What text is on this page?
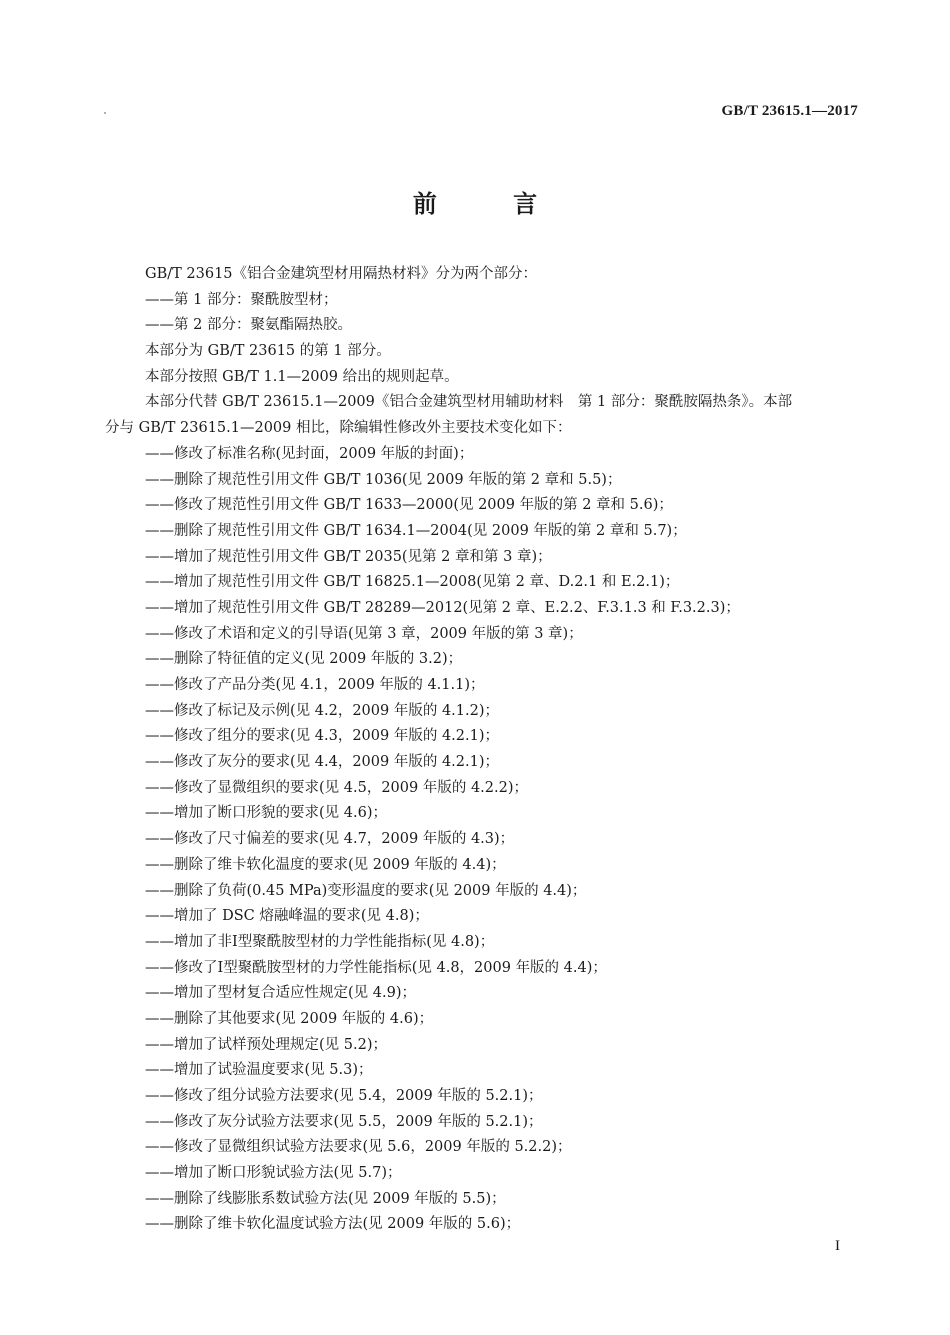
GB/T 23615.1—2017
前 言
GB/T 23615《铝合金建筑型材用隔热材料》分为两个部分：
——第 1 部分：聚酰胺型材；
——第 2 部分：聚氨酯隔热胶。
本部分为 GB/T 23615 的第 1 部分。
本部分按照 GB/T 1.1—2009 给出的规则起草。
本部分代替 GB/T 23615.1—2009《铝合金建筑型材用辅助材料　第 1 部分：聚酰胺隔热条》。本部
分与 GB/T 23615.1—2009 相比，除编辑性修改外主要技术变化如下：
——修改了标准名称(见封面，2009 年版的封面)；
——删除了规范性引用文件 GB/T 1036(见 2009 年版的第 2 章和 5.5)；
——修改了规范性引用文件 GB/T 1633—2000(见 2009 年版的第 2 章和 5.6)；
——删除了规范性引用文件 GB/T 1634.1—2004(见 2009 年版的第 2 章和 5.7)；
——增加了规范性引用文件 GB/T 2035(见第 2 章和第 3 章)；
——增加了规范性引用文件 GB/T 16825.1—2008(见第 2 章、D.2.1 和 E.2.1)；
——增加了规范性引用文件 GB/T 28289—2012(见第 2 章、E.2.2、F.3.1.3 和 F.3.2.3)；
——修改了术语和定义的引导语(见第 3 章，2009 年版的第 3 章)；
——删除了特征值的定义(见 2009 年版的 3.2)；
——修改了产品分类(见 4.1，2009 年版的 4.1.1)；
——修改了标记及示例(见 4.2，2009 年版的 4.1.2)；
——修改了组分的要求(见 4.3，2009 年版的 4.2.1)；
——修改了灰分的要求(见 4.4，2009 年版的 4.2.1)；
——修改了显微组织的要求(见 4.5，2009 年版的 4.2.2)；
——增加了断口形貌的要求(见 4.6)；
——修改了尺寸偏差的要求(见 4.7，2009 年版的 4.3)；
——删除了维卡软化温度的要求(见 2009 年版的 4.4)；
——删除了负荷(0.45 MPa)变形温度的要求(见 2009 年版的 4.4)；
——增加了 DSC 熔融峰温的要求(见 4.8)；
——增加了非Ⅰ型聚酰胺型材的力学性能指标(见 4.8)；
——修改了Ⅰ型聚酰胺型材的力学性能指标(见 4.8，2009 年版的 4.4)；
——增加了型材复合适应性规定(见 4.9)；
——删除了其他要求(见 2009 年版的 4.6)；
——增加了试样预处理规定(见 5.2)；
——增加了试验温度要求(见 5.3)；
——修改了组分试验方法要求(见 5.4，2009 年版的 5.2.1)；
——修改了灰分试验方法要求(见 5.5，2009 年版的 5.2.1)；
——修改了显微组织试验方法要求(见 5.6，2009 年版的 5.2.2)；
——增加了断口形貌试验方法(见 5.7)；
——删除了线膨胀系数试验方法(见 2009 年版的 5.5)；
——删除了维卡软化温度试验方法(见 2009 年版的 5.6)；
I
